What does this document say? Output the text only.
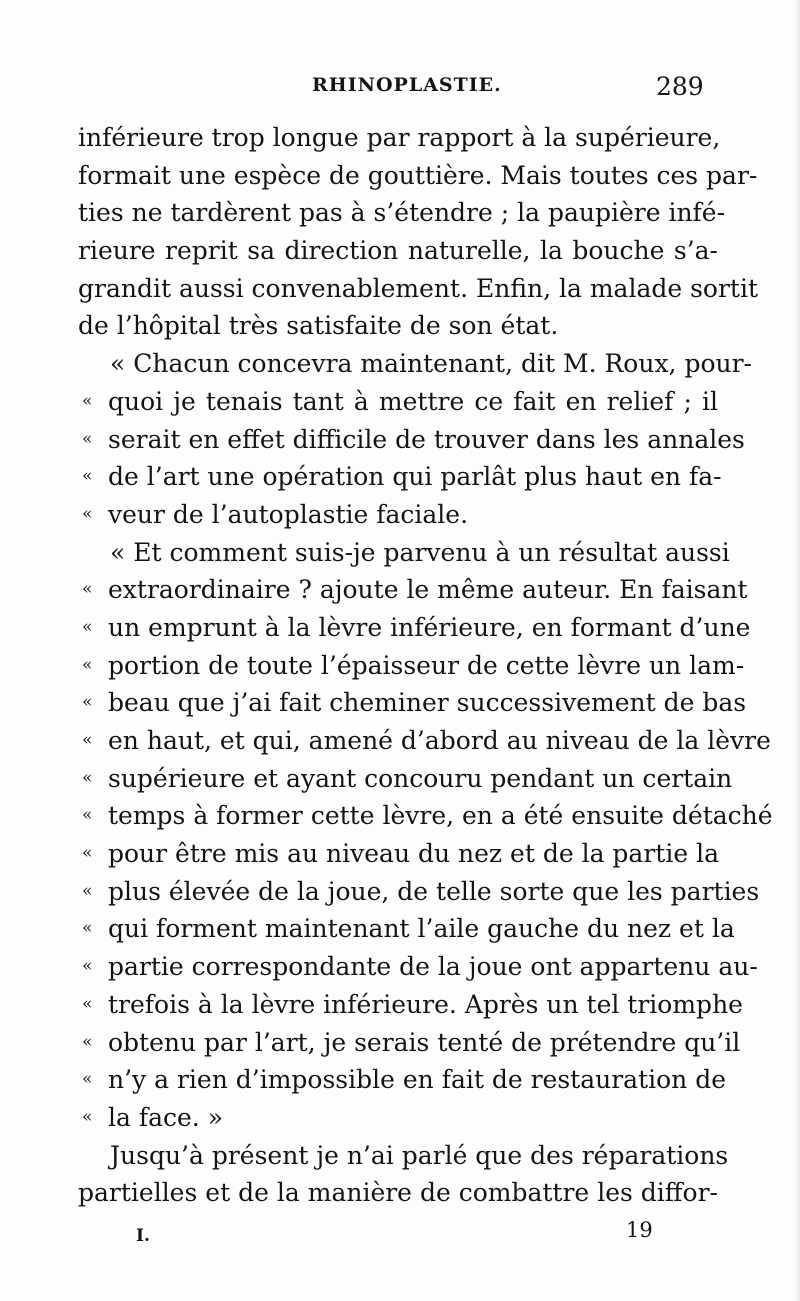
RHINOPLASTIE.	289
inférieure trop longue par rapport à la supérieure,
formait une espèce de gouttière. Mais toutes ces par-
ties ne tardèrent pas à s’étendre ; la paupière infé-
rieure reprit sa direction naturelle, la bouche s’a-
grandit aussi convenablement. Enfin, la malade sortit
de l’hôpital très satisfaite de son état.
« Chacun concevra maintenant, dit M. Roux, pour-
« quoi je tenais tant à mettre ce fait en relief ; il
« serait en effet difficile de trouver dans les annales
« de l’art une opération qui parlât plus haut en fa-
« veur de l’autoplastie faciale.
« Et comment suis-je parvenu à un résultat aussi
« extraordinaire ? ajoute le même auteur. En faisant
« un emprunt à la lèvre inférieure, en formant d’une
« portion de toute l’épaisseur de cette lèvre un lam-
« beau que j’ai fait cheminer successivement de bas
« en haut, et qui, amené d’abord au niveau de la lèvre
« supérieure et ayant concouru pendant un certain
« temps à former cette lèvre, en a été ensuite détaché
« pour être mis au niveau du nez et de la partie la
« plus élevée de la joue, de telle sorte que les parties
« qui forment maintenant l’aile gauche du nez et la
« partie correspondante de la joue ont appartenu au-
« trefois à la lèvre inférieure. Après un tel triomphe
« obtenu par l’art, je serais tenté de prétendre qu’il
« n’y a rien d’impossible en fait de restauration de
« la face. »
Jusqu’à présent je n’ai parlé que des réparations
partielles et de la manière de combattre les diffor-
I.	19
